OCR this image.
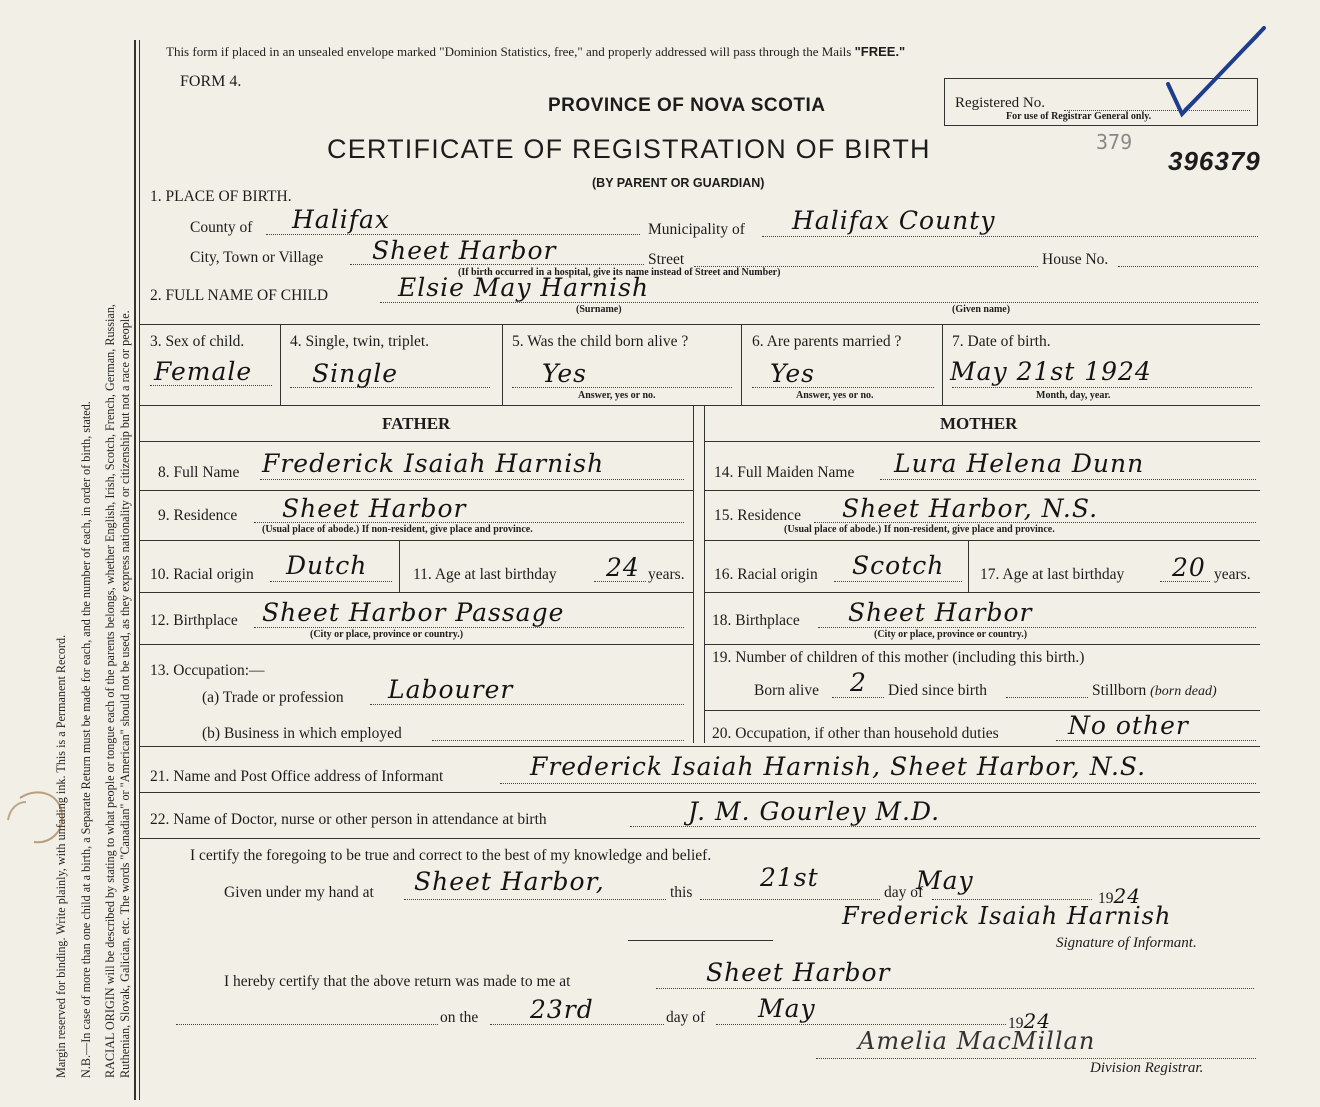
Margin reserved for binding. Write plainly, with unfading ink. This is a Permanent Record. N.B.—In case of more than one child at a birth, a Separate Return must be made for each, and the number of each, in order of birth, stated. RACIAL ORIGIN will be described by stating to what people or tongue each of the parents belongs, whether English, Irish, Scotch, French, German, Russian, Ruthenian, Slovak, Galician, etc. The words "Canadian" or "American" should not be used, as they express nationality or citizenship but not a race or people.
This form if placed in an unsealed envelope marked "Dominion Statistics, free," and properly addressed will pass through the Mails "FREE."
FORM 4.
PROVINCE OF NOVA SCOTIA
CERTIFICATE OF REGISTRATION OF BIRTH
(BY PARENT OR GUARDIAN)
Registered No.
For use of Registrar General only.
379
396379
1. PLACE OF BIRTH.
County of Halifax	Municipality of Halifax County
City, Town or Village Sheet Harbor	Street	House No.
(If birth occurred in a hospital, give its name instead of Street and Number)
2. FULL NAME OF CHILD	Elsie May Harnish
(Surname)	(Given name)
3. Sex of child.
Female
4. Single, twin, triplet.
Single
5. Was the child born alive ?
Yes
Answer, yes or no.
6. Are parents married ?
Yes
Answer, yes or no.
7. Date of birth.
May 21st 1924
Month, day, year.
FATHER	MOTHER
8. Full Name Frederick Isaiah Harnish
9. Residence Sheet Harbor
(Usual place of abode.) If non-resident, give place and province.
10. Racial origin Dutch	11. Age at last birthday 24 years.
12. Birthplace Sheet Harbor Passage
(City or place, province or country.)
13. Occupation:—
(a) Trade or profession Labourer
(b) Business in which employed
14. Full Maiden Name Lura Helena Dunn
15. Residence Sheet Harbor, N.S.
(Usual place of abode.) If non-resident, give place and province.
16. Racial origin Scotch 17. Age at last birthday 20 years.
18. Birthplace Sheet Harbor
(City or place, province or country.)
19. Number of children of this mother (including this birth.)
Born alive 2 Died since birth	Stillborn (born dead)
20. Occupation, if other than household duties	No other
21. Name and Post Office address of Informant	Frederick Isaiah Harnish, Sheet Harbor, N.S.
22. Name of Doctor, nurse or other person in attendance at birth	J. M. Gourley M.D.
I certify the foregoing to be true and correct to the best of my knowledge and belief.
Given under my hand at Sheet Harbor,	this
21st
day of
May
1924
Frederick Isaiah Harnish
Signature of Informant.
I hereby certify that the above return was made to me at	Sheet Harbor
on the 23rd	day of May
1924
Amelia MacMillan
Division Registrar.
